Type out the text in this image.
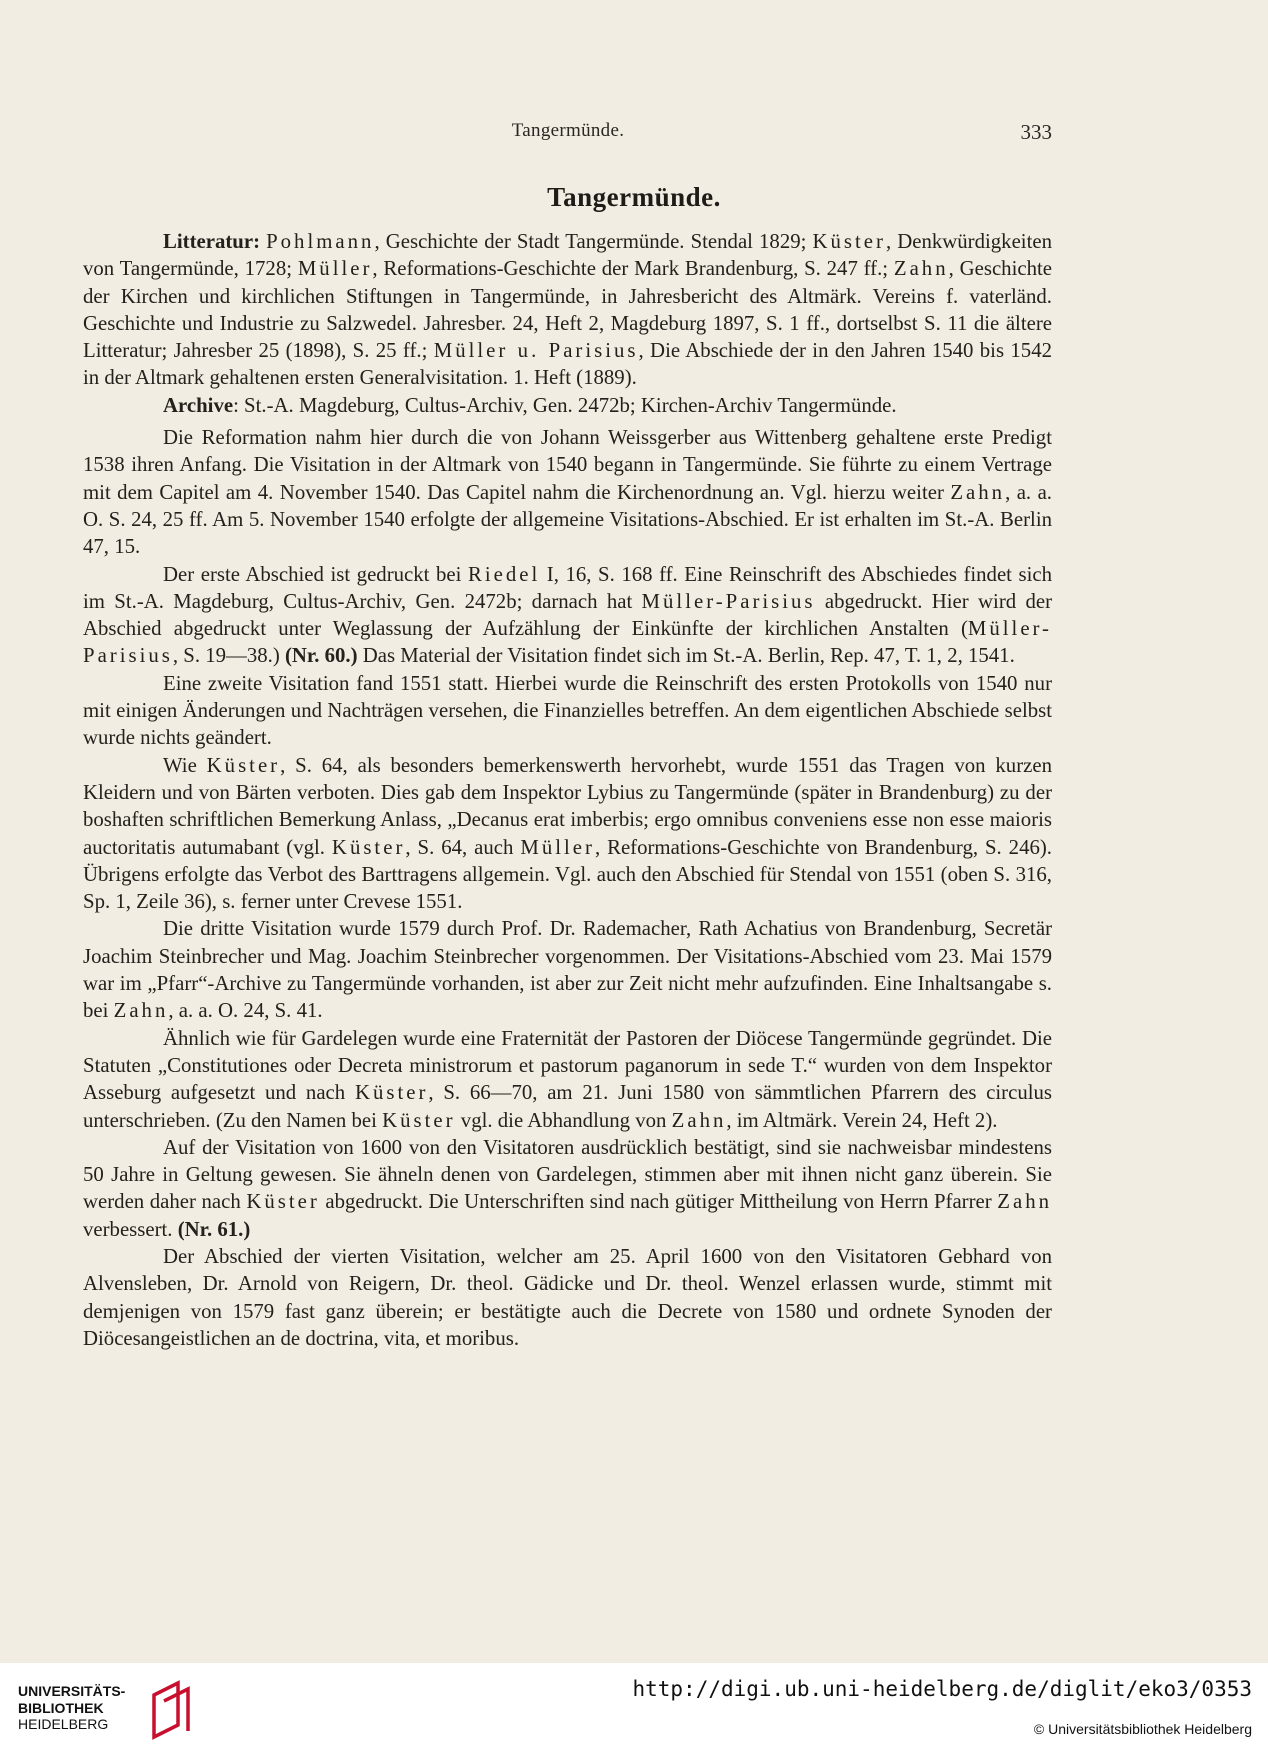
Tangermünde.	333
Tangermünde.

Litteratur: Pohlmann, Geschichte der Stadt Tangermünde. Stendal 1829; Küster, Denkwürdigkeiten von Tangermünde, 1728; Müller, Reformations-Geschichte der Mark Brandenburg, S. 247 ff.; Zahn, Geschichte der Kirchen und kirchlichen Stiftungen in Tangermünde, in Jahresbericht des Altmärk. Vereins f. vaterländ. Geschichte und Industrie zu Salzwedel. Jahresber. 24, Heft 2, Magdeburg 1897, S. 1 ff., dortselbst S. 11 die ältere Litteratur; Jahresber 25 (1898), S. 25 ff.; Müller u. Parisius, Die Abschiede der in den Jahren 1540 bis 1542 in der Altmark gehaltenen ersten Generalvisitation. 1. Heft (1889).

Archive: St.-A. Magdeburg, Cultus-Archiv, Gen. 2472b; Kirchen-Archiv Tangermünde.

Die Reformation nahm hier durch die von Johann Weissgerber aus Wittenberg gehaltene erste Predigt 1538 ihren Anfang. Die Visitation in der Altmark von 1540 begann in Tangermünde. Sie führte zu einem Vertrage mit dem Capitel am 4. November 1540. Das Capitel nahm die Kirchenordnung an. Vgl. hierzu weiter Zahn, a. a. O. S. 24, 25 ff. Am 5. November 1540 erfolgte der allgemeine Visitations-Abschied. Er ist erhalten im St.-A. Berlin 47, 15.

Der erste Abschied ist gedruckt bei Riedel I, 16, S. 168 ff. Eine Reinschrift des Abschiedes findet sich im St.-A. Magdeburg, Cultus-Archiv, Gen. 2472b; darnach hat Müller-Parisius abgedruckt. Hier wird der Abschied abgedruckt unter Weglassung der Aufzählung der Einkünfte der kirchlichen Anstalten (Müller-Parisius, S. 19—38.) (Nr. 60.) Das Material der Visitation findet sich im St.-A. Berlin, Rep. 47, T. 1, 2, 1541.

Eine zweite Visitation fand 1551 statt. Hierbei wurde die Reinschrift des ersten Protokolls von 1540 nur mit einigen Änderungen und Nachträgen versehen, die Finanzielles betreffen. An dem eigentlichen Abschiede selbst wurde nichts geändert.

Wie Küster, S. 64, als besonders bemerkenswerth hervorhebt, wurde 1551 das Tragen von kurzen Kleidern und von Bärten verboten. Dies gab dem Inspektor Lybius zu Tangermünde (später in Brandenburg) zu der boshaften schriftlichen Bemerkung Anlass, „Decanus erat imberbis; ergo omnibus conveniens esse non esse maioris auctoritatis autumabant (vgl. Küster, S. 64, auch Müller, Reformations-Geschichte von Brandenburg, S. 246). Übrigens erfolgte das Verbot des Barttragens allgemein. Vgl. auch den Abschied für Stendal von 1551 (oben S. 316, Sp. 1, Zeile 36), s. ferner unter Crevese 1551.

Die dritte Visitation wurde 1579 durch Prof. Dr. Rademacher, Rath Achatius von Brandenburg, Secretär Joachim Steinbrecher und Mag. Joachim Steinbrecher vorgenommen. Der Visitations-Abschied vom 23. Mai 1579 war im „Pfarr“-Archive zu Tangermünde vorhanden, ist aber zur Zeit nicht mehr aufzufinden. Eine Inhaltsangabe s. bei Zahn, a. a. O. 24, S. 41.

Ähnlich wie für Gardelegen wurde eine Fraternität der Pastoren der Diöcese Tangermünde gegründet. Die Statuten „Constitutiones oder Decreta ministrorum et pastorum paganorum in sede T.“ wurden von dem Inspektor Asseburg aufgesetzt und nach Küster, S. 66—70, am 21. Juni 1580 von sämmtlichen Pfarrern des circulus unterschrieben. (Zu den Namen bei Küster vgl. die Abhandlung von Zahn, im Altmärk. Verein 24, Heft 2).

Auf der Visitation von 1600 von den Visitatoren ausdrücklich bestätigt, sind sie nachweisbar mindestens 50 Jahre in Geltung gewesen. Sie ähneln denen von Gardelegen, stimmen aber mit ihnen nicht ganz überein. Sie werden daher nach Küster abgedruckt. Die Unterschriften sind nach gütiger Mittheilung von Herrn Pfarrer Zahn verbessert. (Nr. 61.)

Der Abschied der vierten Visitation, welcher am 25. April 1600 von den Visitatoren Gebhard von Alvensleben, Dr. Arnold von Reigern, Dr. theol. Gädicke und Dr. theol. Wenzel erlassen wurde, stimmt mit demjenigen von 1579 fast ganz überein; er bestätigte auch die Decrete von 1580 und ordnete Synoden der Diöcesangeistlichen an de doctrina, vita, et moribus.

UNIVERSITÄTS-
BIBLIOTHEK
HEIDELBERG
http://digi.ub.uni-heidelberg.de/diglit/eko3/0353
© Universitätsbibliothek Heidelberg
